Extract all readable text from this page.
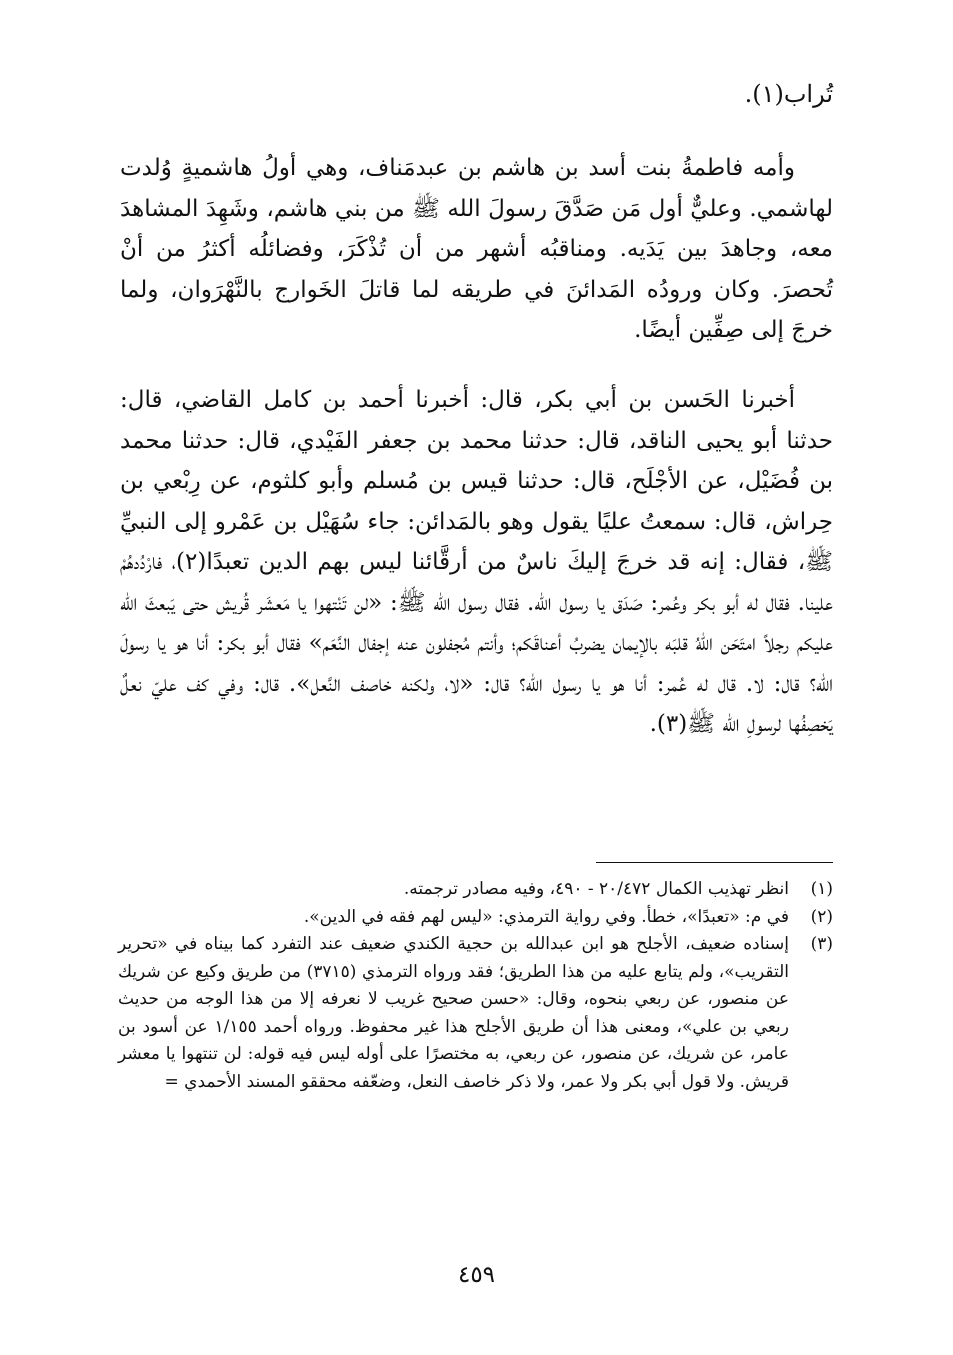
تُراب(١).
وأمه فاطمةُ بنت أسد بن هاشم بن عبدمَناف، وهي أولُ هاشميةٍ وُلدت لهاشمي. وعليٌّ أول مَن صَدَّقَ رسولَ الله ﷺ من بني هاشم، وشَهِدَ المشاهدَ معه، وجاهدَ بين يَدَيه. ومناقبُه أشهر من أن تُذْكَرَ، وفضائلُه أكثرُ من أنْ تُحصرَ. وكان ورودُه المَدائنَ في طريقه لما قاتلَ الخَوارج بالنَّهْرَوان، ولما خرجَ إلى صِفِّين أيضًا.
أخبرنا الحَسن بن أبي بكر، قال: أخبرنا أحمد بن كامل القاضي، قال: حدثنا أبو يحيى الناقد، قال: حدثنا محمد بن جعفر الفَيْدي، قال: حدثنا محمد بن فُضَيْل، عن الأجْلَح، قال: حدثنا قيس بن مُسلم وأبو كلثوم، عن رِبْعي بن حِراش، قال: سمعتُ عليًا يقول وهو بالمَدائن: جاء سُهَيْل بن عَمْرو إلى النبيِّ ﷺ، فقال: إنه قد خرجَ إليكَ ناسٌ من أرقَّائنا ليس بهم الدين تعبدًا(٢)، فارْدُدهُمْ علينا. فقال له أبو بكر وعُمر: صَدَق يا رسول الله. فقال رسول الله ﷺ: «لن تَنْتهوا يا مَعشَر قُريش حتى يَبعثَ الله عليكم رجلاً امتَحَن اللهُ قلبَه بالإيمان يضربُ أعناقَكم؛ وأنتم مُجفلون عنه إجفال النَّعَم» فقال أبو بكر: أنا هو يا رسولَ الله؟ قال: لا. قال له عُمر: أنا هو يا رسول الله؟ قال: «لا، ولكنه خاصف النَّعل». قال: وفي كف عليّ نعلٌ يَخصِفُها لرسولِ الله ﷺ(٣).
(١)
انظر تهذيب الكمال ٢٠/٤٧٢ - ٤٩٠، وفيه مصادر ترجمته.
(٢)
في م: «تعبدًا»، خطأ. وفي رواية الترمذي: «ليس لهم فقه في الدين».
(٣)
إسناده ضعيف، الأجلح هو ابن عبدالله بن حجية الكندي ضعيف عند التفرد كما بيناه في «تحرير التقريب»، ولم يتابع عليه من هذا الطريق؛ فقد ورواه الترمذي (٣٧١٥) من طريق وكيع عن شريك عن منصور، عن ربعي بنحوه، وقال: «حسن صحيح غريب لا نعرفه إلا من هذا الوجه من حديث ربعي بن علي»، ومعنى هذا أن طريق الأجلح هذا غير محفوظ. ورواه أحمد ١/١٥٥ عن أسود بن عامر، عن شريك، عن منصور، عن ربعي، به مختصرًا على أوله ليس فيه قوله: لن تنتهوا يا معشر قريش. ولا قول أبي بكر ولا عمر، ولا ذكر خاصف النعل، وضعّفه محققو المسند الأحمدي =
٤٥٩
